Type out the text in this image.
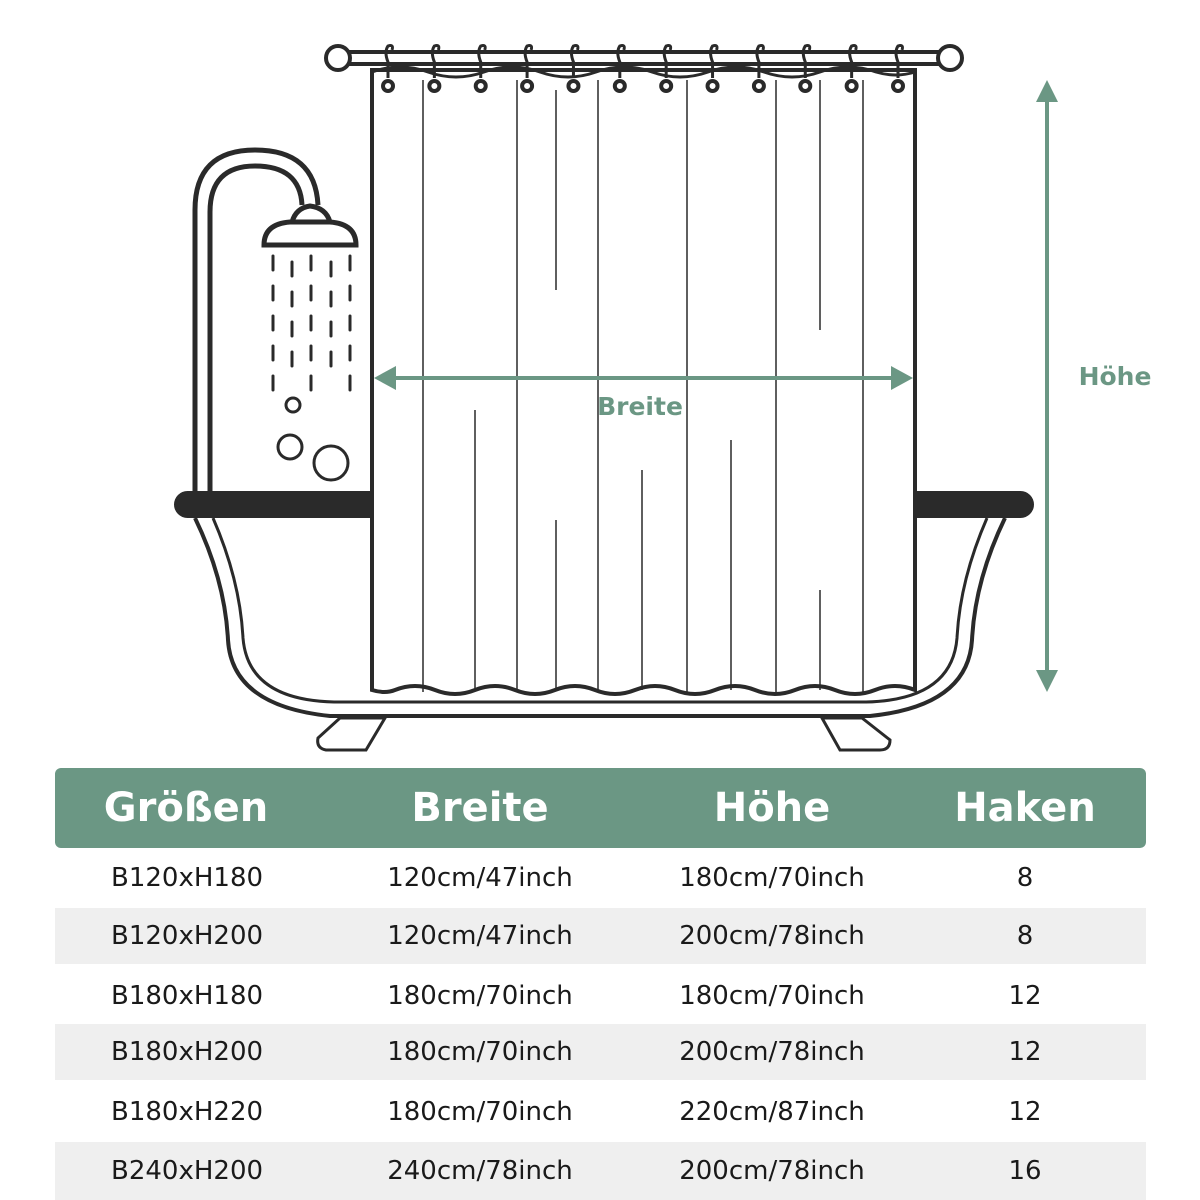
Breite
Höhe
Größen	Breite	Höhe	Haken
B120xH180	120cm/47inch	180cm/70inch	8
B120xH200	120cm/47inch	200cm/78inch	8
B180xH180	180cm/70inch	180cm/70inch	12
B180xH200	180cm/70inch	200cm/78inch	12
B180xH220	180cm/70inch	220cm/87inch	12
B240xH200	240cm/78inch	200cm/78inch	16
